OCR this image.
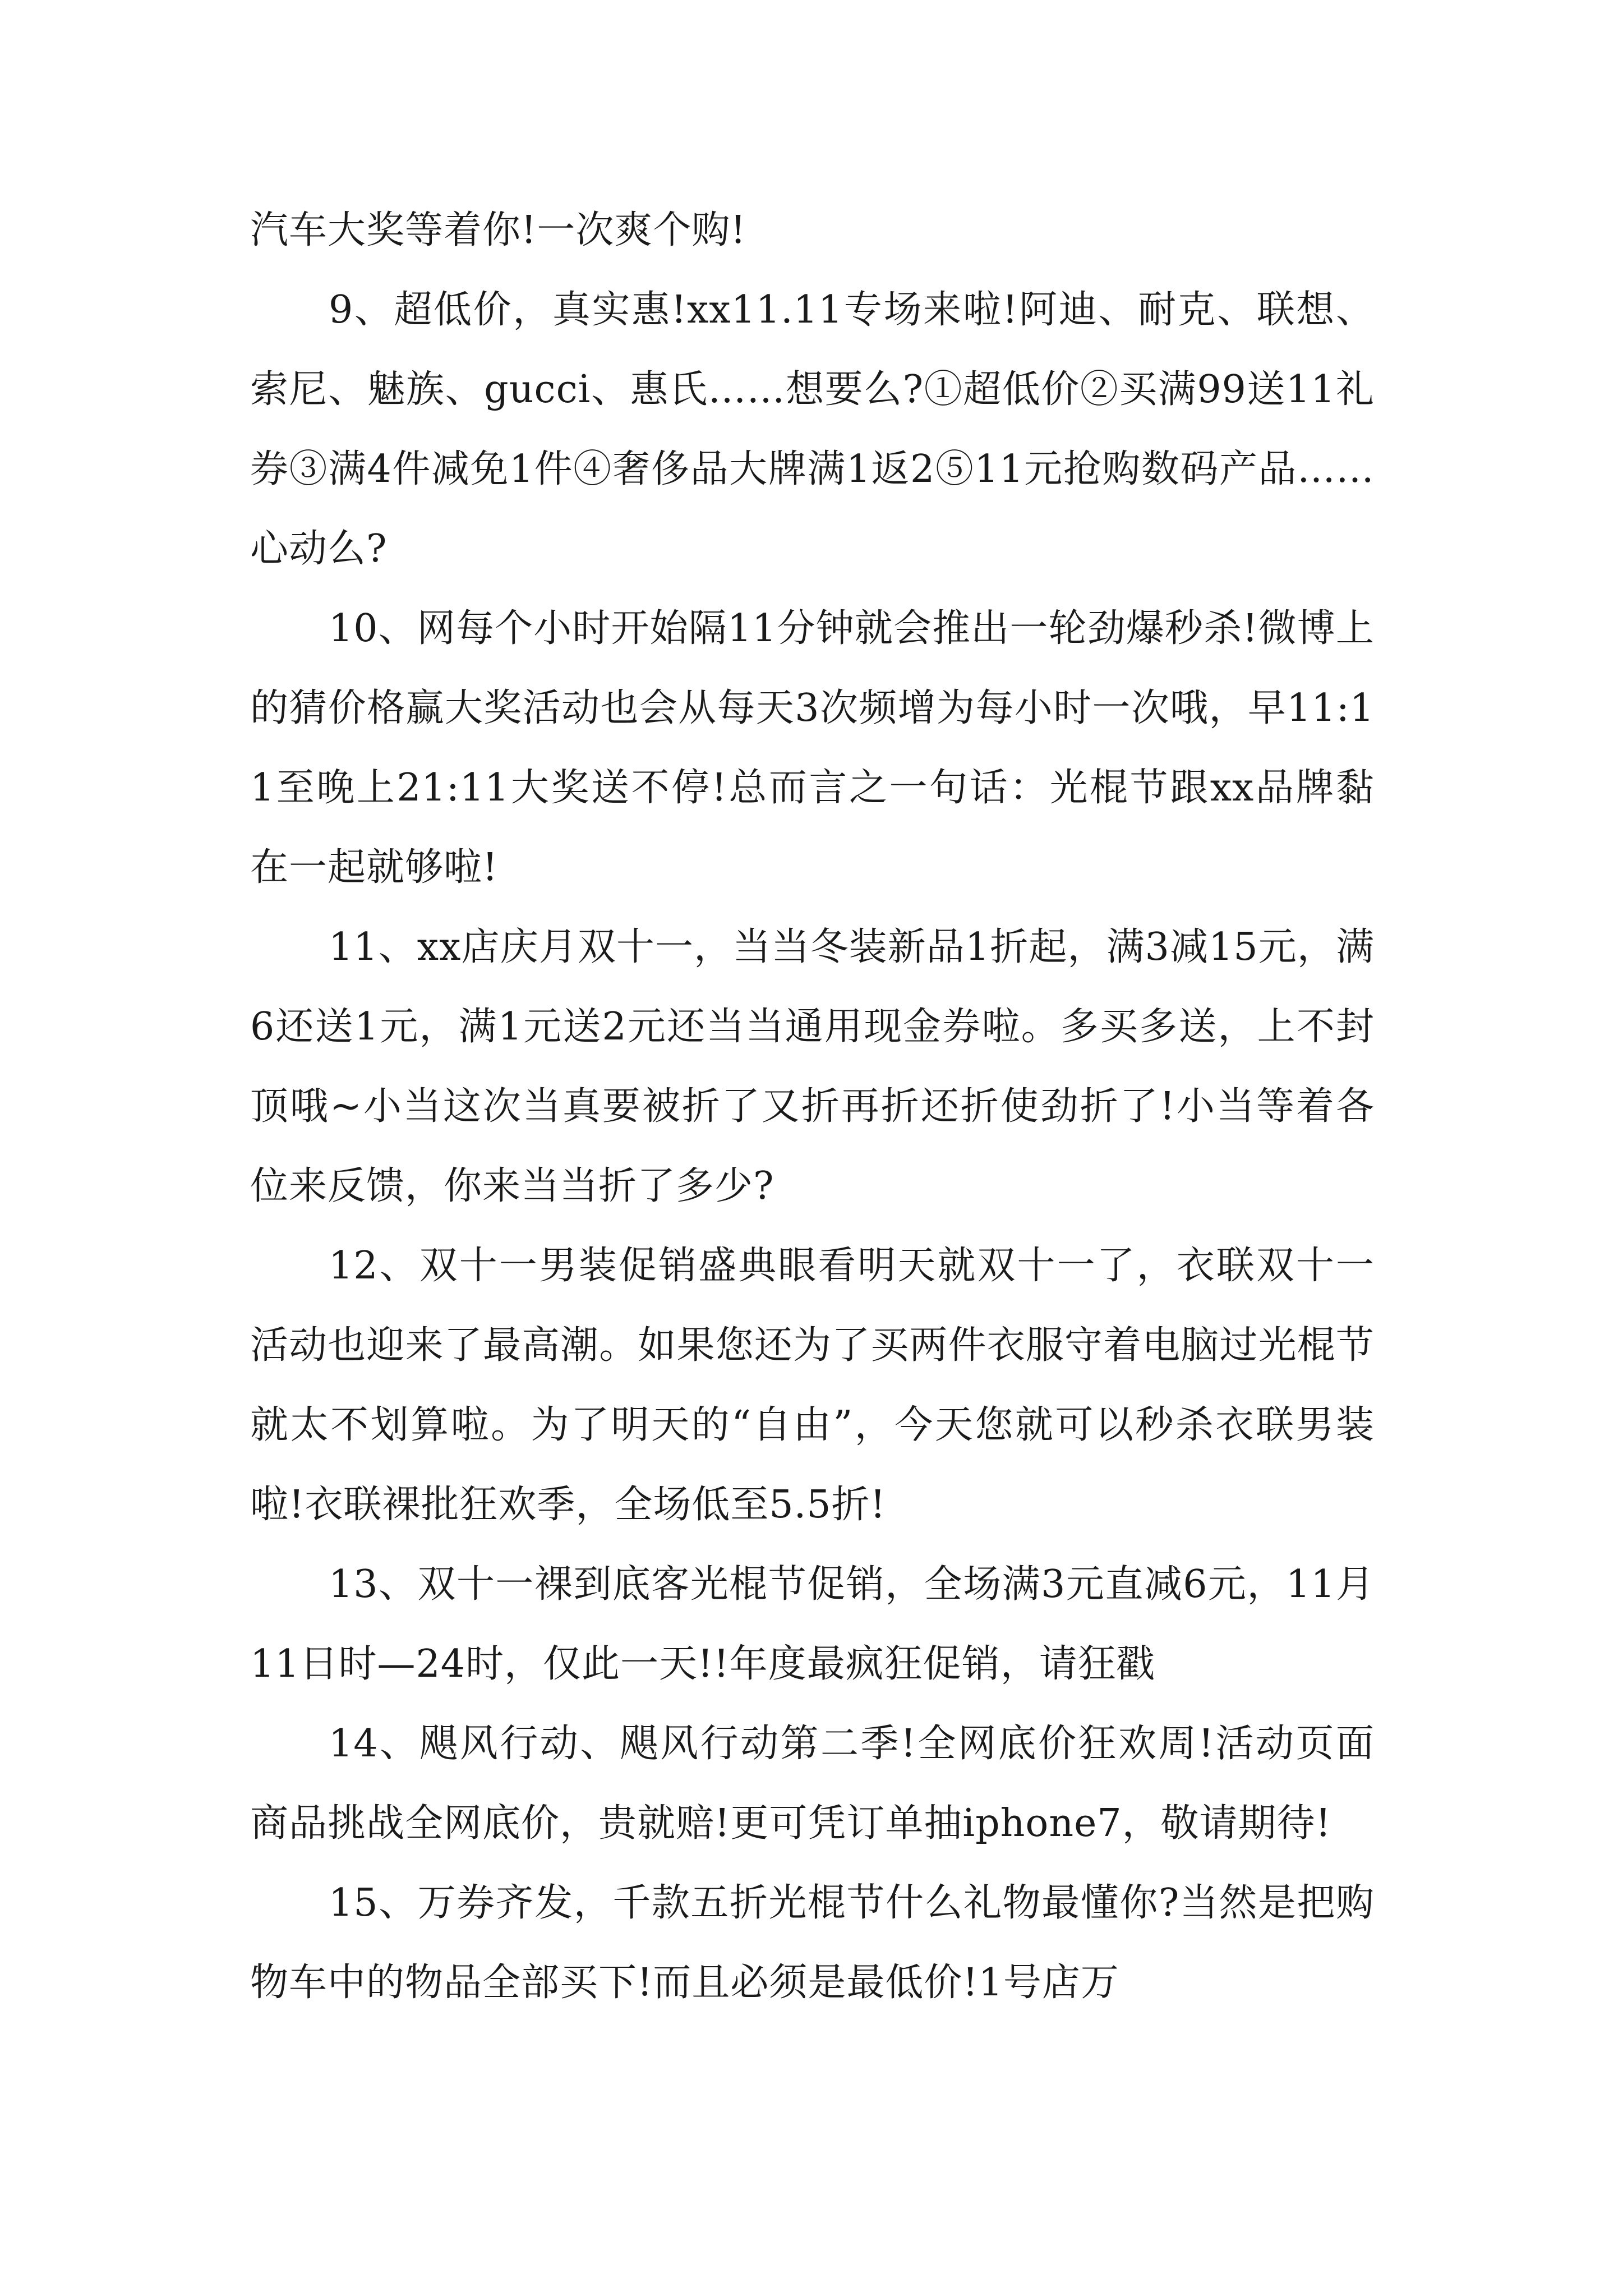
汽车大奖等着你!一次爽个购!

9、超低价，真实惠!xx11.11专场来啦!阿迪、耐克、联想、索尼、魅族、gucci、惠氏……想要么?①超低价②买满99送11礼券③满4件减免1件④奢侈品大牌满1返2⑤11元抢购数码产品……心动么?

10、网每个小时开始隔11分钟就会推出一轮劲爆秒杀!微博上的猜价格赢大奖活动也会从每天3次频增为每小时一次哦，早11:11至晚上21:11大奖送不停!总而言之一句话：光棍节跟xx品牌黏在一起就够啦!

11、xx店庆月双十一，当当冬装新品1折起，满3减15元，满6还送1元，满1元送2元还当当通用现金券啦。多买多送，上不封顶哦~小当这次当真要被折了又折再折还折使劲折了!小当等着各位来反馈，你来当当折了多少?

12、双十一男装促销盛典眼看明天就双十一了，衣联双十一活动也迎来了最高潮。如果您还为了买两件衣服守着电脑过光棍节就太不划算啦。为了明天的“自由”，今天您就可以秒杀衣联男装啦!衣联裸批狂欢季，全场低至5.5折!

13、双十一裸到底客光棍节促销，全场满3元直减6元，11月11日时—24时，仅此一天!!年度最疯狂促销，请狂戳

14、飓风行动、飓风行动第二季!全网底价狂欢周!活动页面商品挑战全网底价，贵就赔!更可凭订单抽iphone7，敬请期待!

15、万券齐发，千款五折光棍节什么礼物最懂你?当然是把购物车中的物品全部买下!而且必须是最低价!1号店万
